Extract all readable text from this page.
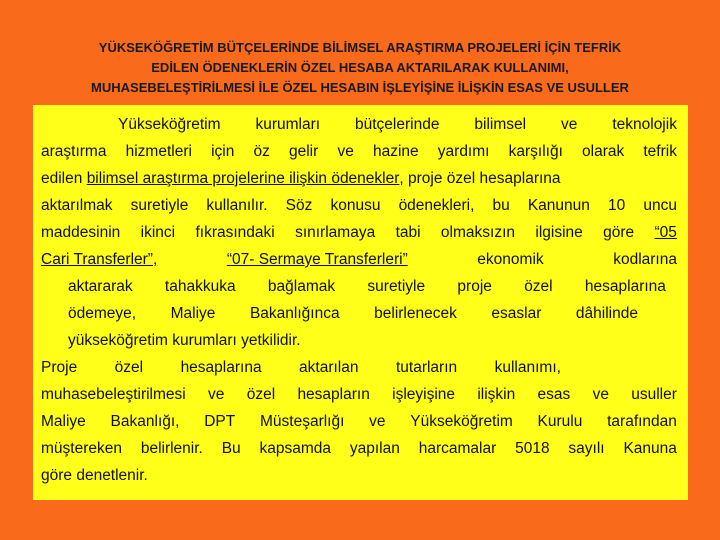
YÜKSEKÖĞRETİM BÜTÇELERİNDE BİLİMSEL ARAŞTIRMA PROJELERİ İÇİN TEFRİK
EDİLEN ÖDENEKLERİN ÖZEL HESABA AKTARILARAK KULLANIMI,
MUHASEBELEŞTİRİLMESİ İLE ÖZEL HESABIN İŞLEYİŞİNE İLİŞKİN ESAS VE USULLER
Yükseköğretim kurumları bütçelerinde bilimsel ve teknolojik
araştırma hizmetleri için öz gelir ve hazine yardımı karşılığı olarak tefrik
edilen
bilimsel araştırma projelerine ilişkin ödenekler , proje özel hesaplarına
aktarılmak suretiyle kullanılır. Söz konusu ödenekleri, bu Kanunun 10 uncu
maddesinin ikinci fıkrasındaki sınırlamaya tabi olmaksızın ilgisine göre “05
Cari Transferler”,	“07- Sermaye Transferleri”	ekonomik	kodlarına
aktararak tahakkuka bağlamak suretiyle proje özel hesaplarına
ödemeye, Maliye Bakanlığınca belirlenecek esaslar dâhilinde
yükseköğretim kurumları yetkilidir.
Proje özel hesaplarına aktarılan tutarların kullanımı,
muhasebeleştirilmesi ve özel hesapların işleyişine ilişkin esas ve usuller
Maliye Bakanlığı, DPT Müsteşarlığı ve Yükseköğretim Kurulu tarafından
müştereken belirlenir. Bu kapsamda yapılan harcamalar 5018 sayılı Kanuna
göre denetlenir.
